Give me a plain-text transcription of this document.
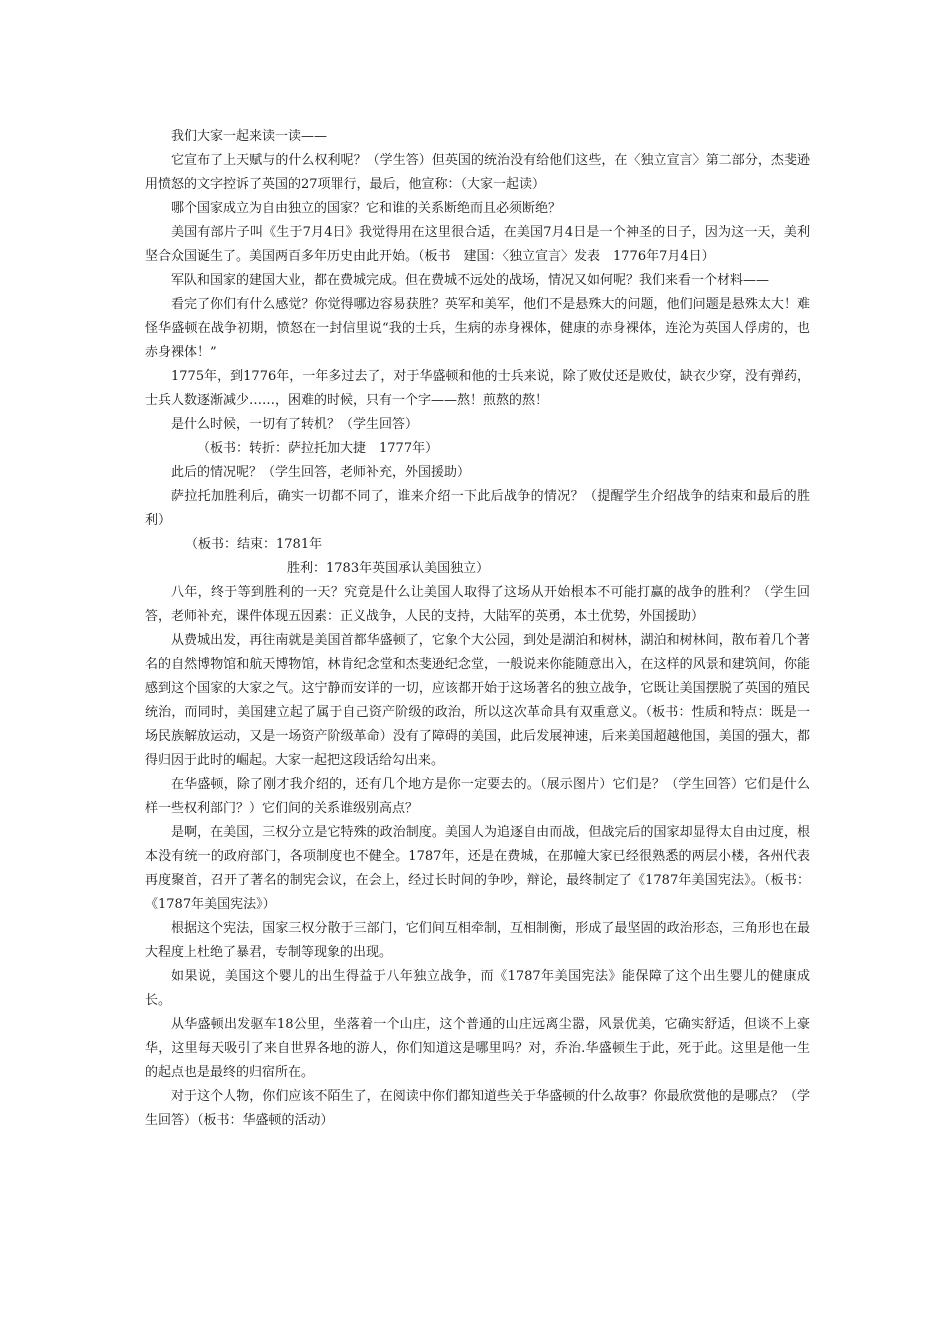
我们大家一起来读一读——

它宣布了上天赋与的什么权利呢？（学生答）但英国的统治没有给他们这些，在〈独立宣言〉第二部分，杰斐逊用愤怒的文字控诉了英国的27项罪行，最后，他宣称：（大家一起读）

哪个国家成立为自由独立的国家？它和谁的关系断绝而且必须断绝？

美国有部片子叫《生于7月4日》我觉得用在这里很合适，在美国7月4日是一个神圣的日子，因为这一天，美利坚合众国诞生了。美国两百多年历史由此开始。（板书　建国：〈独立宣言〉发表　1776年7月4日）

军队和国家的建国大业，都在费城完成。但在费城不远处的战场，情况又如何呢？我们来看一个材料——

看完了你们有什么感觉？你觉得哪边容易获胜？英军和美军，他们不是悬殊大的问题，他们问题是悬殊太大！难怪华盛顿在战争初期，愤怒在一封信里说“我的士兵，生病的赤身裸体，健康的赤身裸体，连沦为英国人俘虏的，也赤身裸体！”

1775年，到1776年，一年多过去了，对于华盛顿和他的士兵来说，除了败仗还是败仗，缺衣少穿，没有弹药，士兵人数逐渐减少……，困难的时候，只有一个字——熬！煎熬的熬！

是什么时候，一切有了转机？（学生回答）

（板书：转折：萨拉托加大捷　1777年）

此后的情况呢？（学生回答，老师补充，外国援助）

萨拉托加胜利后，确实一切都不同了，谁来介绍一下此后战争的情况？（提醒学生介绍战争的结束和最后的胜利）

（板书：结束：1781年

胜利：1783年英国承认美国独立）

八年，终于等到胜利的一天？究竟是什么让美国人取得了这场从开始根本不可能打赢的战争的胜利？（学生回答，老师补充，课件体现五因素：正义战争，人民的支持，大陆军的英勇，本土优势，外国援助）

从费城出发，再往南就是美国首都华盛顿了，它象个大公园，到处是湖泊和树林，湖泊和树林间，散布着几个著名的自然博物馆和航天博物馆，林肯纪念堂和杰斐逊纪念堂，一般说来你能随意出入，在这样的风景和建筑间，你能感到这个国家的大家之气。这宁静而安详的一切，应该都开始于这场著名的独立战争，它既让美国摆脱了英国的殖民统治，而同时，美国建立起了属于自己资产阶级的政治，所以这次革命具有双重意义。（板书：性质和特点：既是一场民族解放运动，又是一场资产阶级革命）没有了障碍的美国，此后发展神速，后来美国超越他国，美国的强大，都得归因于此时的崛起。大家一起把这段话给勾出来。

在华盛顿，除了刚才我介绍的，还有几个地方是你一定要去的。（展示图片）它们是？（学生回答）它们是什么样一些权利部门？）它们间的关系谁级别高点？

是啊，在美国，三权分立是它特殊的政治制度。美国人为追逐自由而战，但战完后的国家却显得太自由过度，根本没有统一的政府部门，各项制度也不健全。1787年，还是在费城，在那幢大家已经很熟悉的两层小楼，各州代表再度聚首，召开了著名的制宪会议，在会上，经过长时间的争吵，辩论，最终制定了《1787年美国宪法》。（板书：《1787年美国宪法》）

根据这个宪法，国家三权分散于三部门，它们间互相牵制，互相制衡，形成了最坚固的政治形态，三角形也在最大程度上杜绝了暴君，专制等现象的出现。

如果说，美国这个婴儿的出生得益于八年独立战争，而《1787年美国宪法》能保障了这个出生婴儿的健康成长。

从华盛顿出发驱车18公里，坐落着一个山庄，这个普通的山庄远离尘嚣，风景优美，它确实舒适，但谈不上豪华，这里每天吸引了来自世界各地的游人，你们知道这是哪里吗？对，乔治.华盛顿生于此，死于此。这里是他一生的起点也是最终的归宿所在。

对于这个人物，你们应该不陌生了，在阅读中你们都知道些关于华盛顿的什么故事？你最欣赏他的是哪点？（学生回答）（板书：华盛顿的活动）
